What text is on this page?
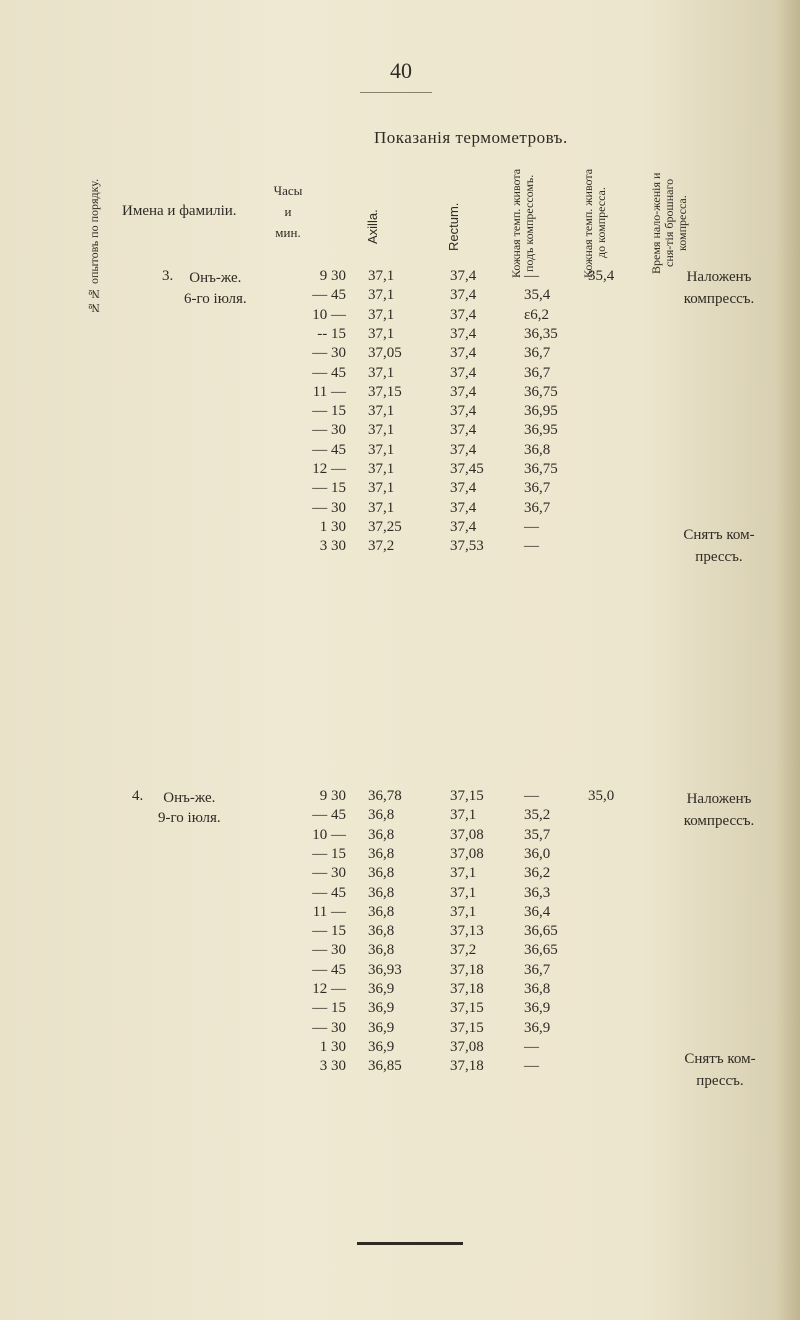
40
Показанія термометровъ.
№№ опытовъ по порядку.	Имена и фамиліи.
Часы
и
мин.	Axilla.	Rectum.	Кожная темп. живота подъ компрессомъ.	Кожная темп. живота до компресса.	Время нало-женія и сня-тія брошнаго компресса.
3.	Онъ-же.
6-го іюля.
9 30 37,1	37,4	—	35,4
— 45 37,1	37,4	35,4
10 — 37,1	37,4	ɛ6,2
-- 15 37,1	37,4	36,35
— 30 37,05	37,4	36,7
— 45 37,1	37,4	36,7
11 — 37,15	37,4	36,75
— 15 37,1	37,4	36,95
— 30 37,1	37,4	36,95
— 45 37,1	37,4	36,8
12 — 37,1	37,45	36,75
— 15 37,1	37,4	36,7
— 30 37,1	37,4	36,7
1 30 37,25	37,4	—
3 30 37,2	37,53	—
Наложенъ
компрессъ.
Снятъ ком-
прессъ.
4.	Онъ-же.
9-го іюля.
9 30 36,78	37,15	—	35,0
— 45 36,8	37,1	35,2
10 — 36,8	37,08	35,7
— 15 36,8	37,08	36,0
— 30 36,8	37,1	36,2
— 45 36,8	37,1	36,3
11 — 36,8	37,1	36,4
— 15 36,8	37,13	36,65
— 30 36,8	37,2	36,65
— 45 36,93	37,18	36,7
12 — 36,9	37,18	36,8
— 15 36,9	37,15	36,9
— 30 36,9	37,15	36,9
1 30 36,9	37,08	—
3 30 36,85	37,18	—
Наложенъ
компрессъ.
Снятъ ком-
прессъ.
